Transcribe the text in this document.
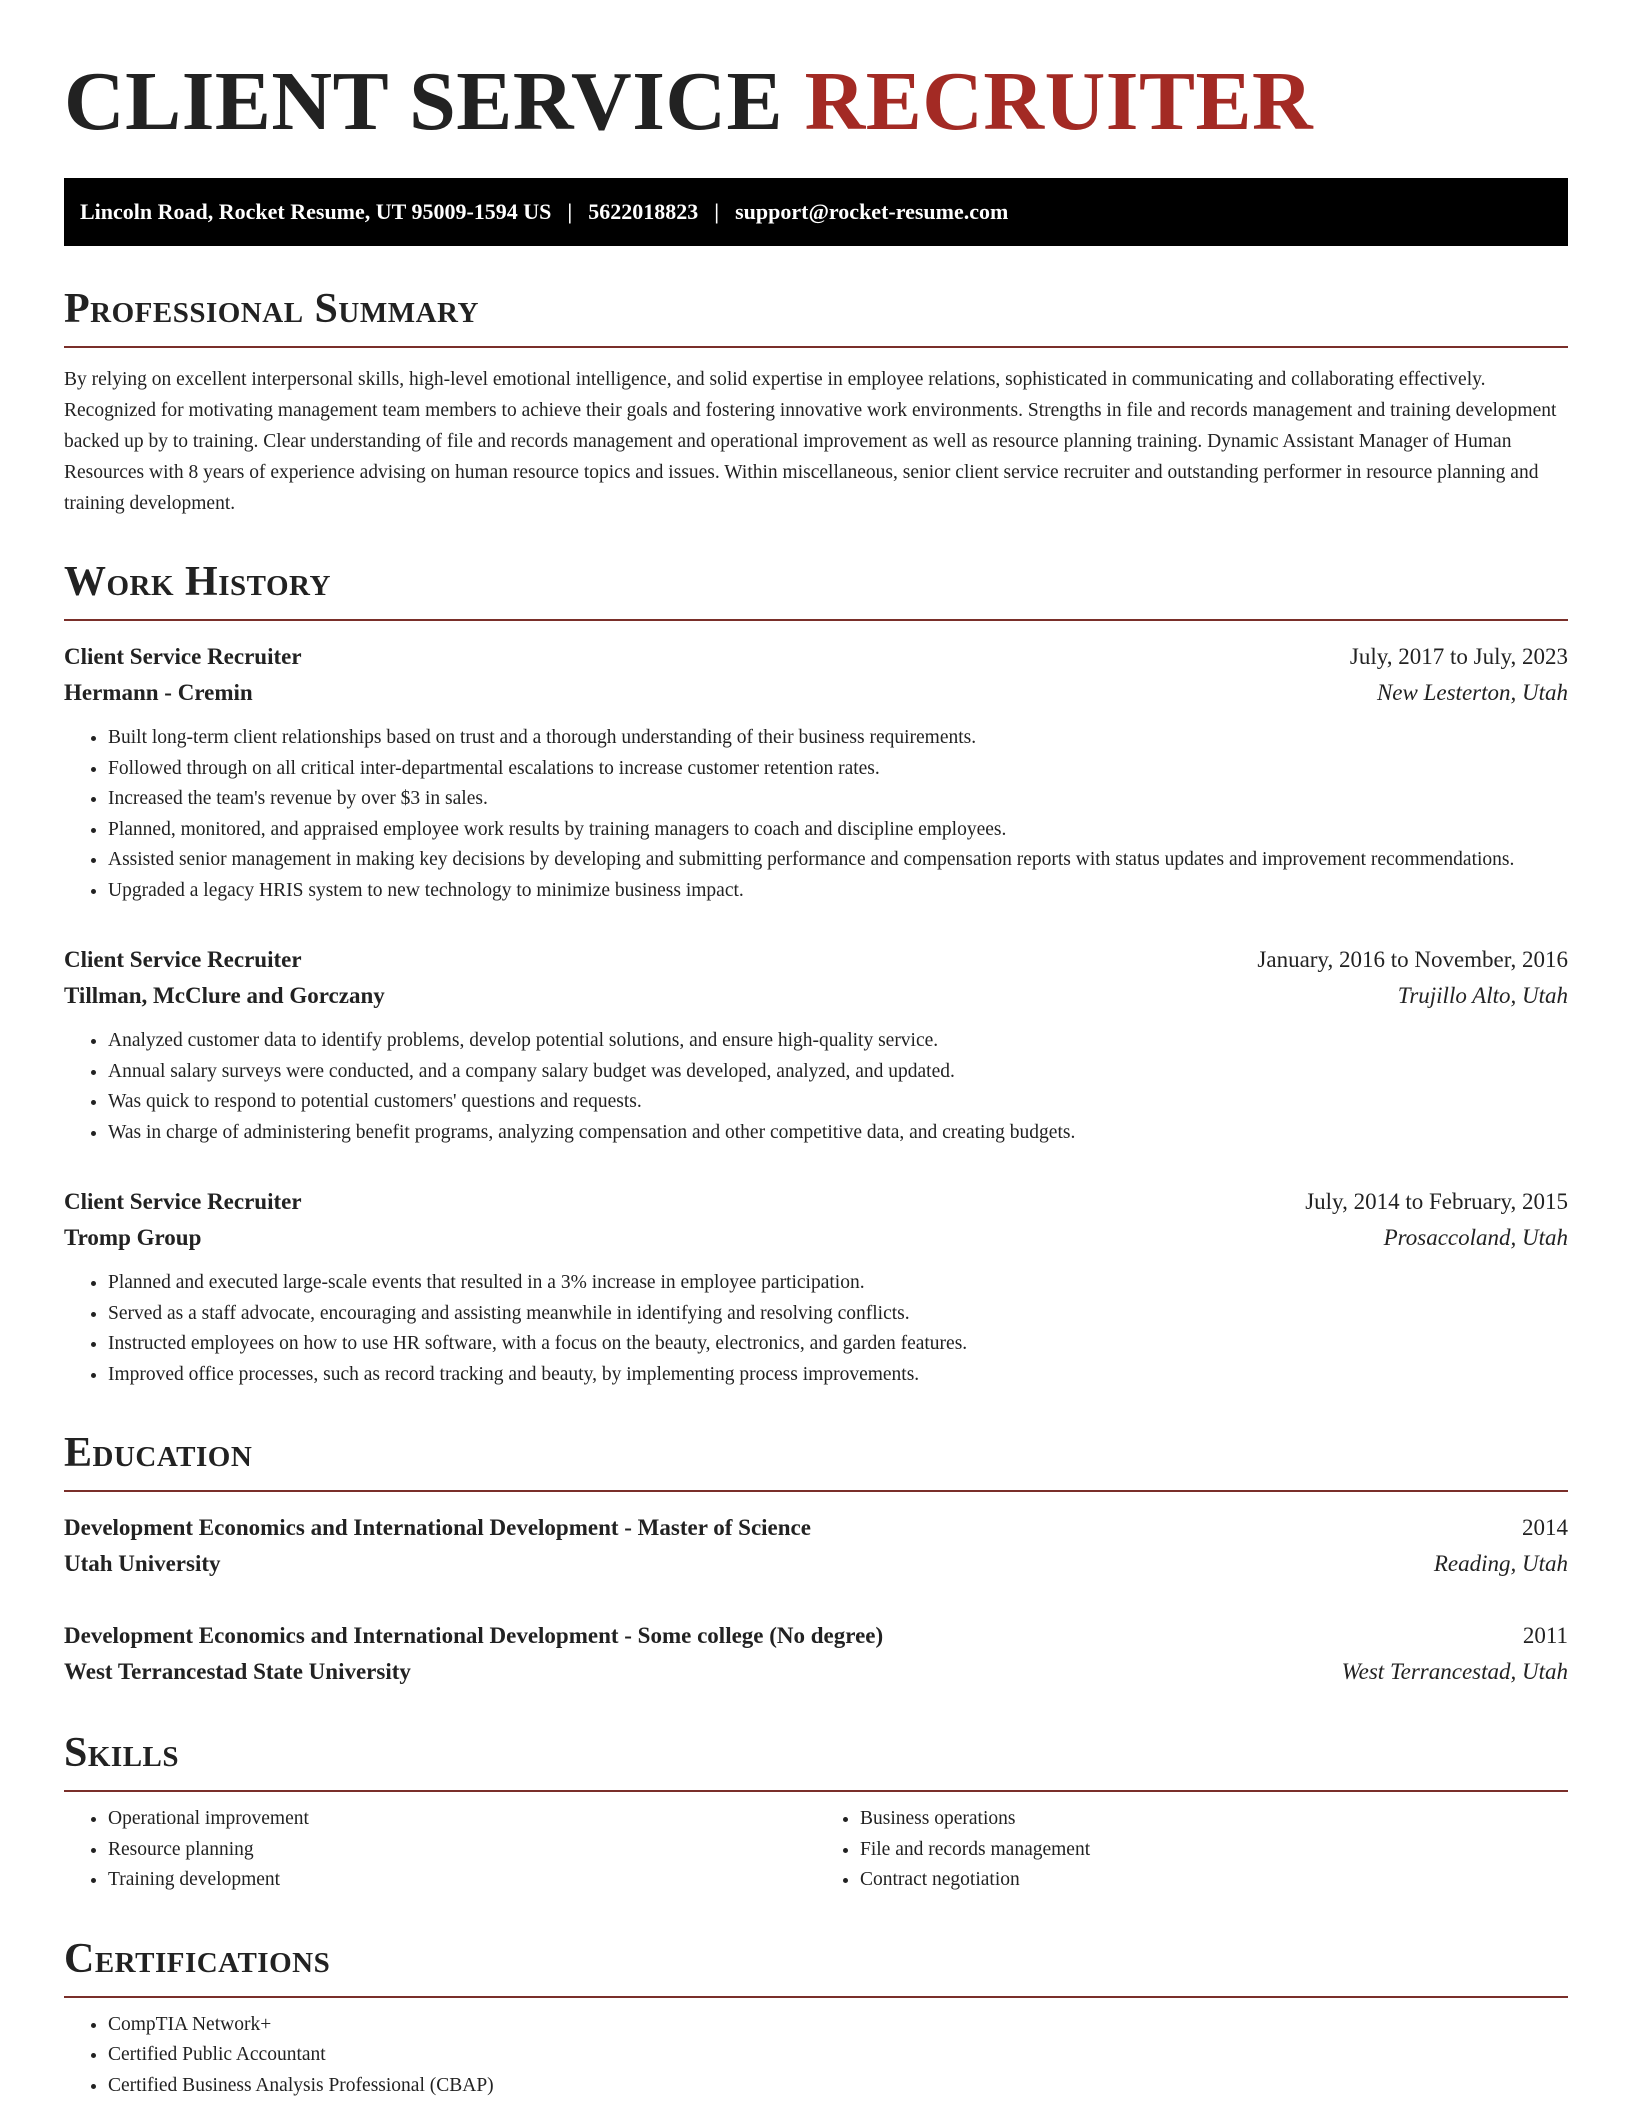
CLIENT SERVICE RECRUITER
Lincoln Road, Rocket Resume, UT 95009-1594 US | 5622018823 | support@rocket-resume.com
Professional Summary

By relying on excellent interpersonal skills, high-level emotional intelligence, and solid expertise in employee relations, sophisticated in communicating and collaborating effectively. Recognized for motivating management team members to achieve their goals and fostering innovative work environments. Strengths in file and records management and training development backed up by to training. Clear understanding of file and records management and operational improvement as well as resource planning training. Dynamic Assistant Manager of Human Resources with 8 years of experience advising on human resource topics and issues. Within miscellaneous, senior client service recruiter and outstanding performer in resource planning and training development.

Work History
Client Service Recruiter	July, 2017 to July, 2023
Hermann - Cremin	New Lesterton, Utah
• Built long-term client relationships based on trust and a thorough understanding of their business requirements.
• Followed through on all critical inter-departmental escalations to increase customer retention rates.
• Increased the team's revenue by over $3 in sales.
• Planned, monitored, and appraised employee work results by training managers to coach and discipline employees.
• Assisted senior management in making key decisions by developing and submitting performance and compensation reports with status updates and improvement recommendations.
• Upgraded a legacy HRIS system to new technology to minimize business impact.
Client Service Recruiter	January, 2016 to November, 2016
Tillman, McClure and Gorczany	Trujillo Alto, Utah
• Analyzed customer data to identify problems, develop potential solutions, and ensure high-quality service.
• Annual salary surveys were conducted, and a company salary budget was developed, analyzed, and updated.
• Was quick to respond to potential customers' questions and requests.
• Was in charge of administering benefit programs, analyzing compensation and other competitive data, and creating budgets.
Client Service Recruiter	July, 2014 to February, 2015
Tromp Group	Prosaccoland, Utah
• Planned and executed large-scale events that resulted in a 3% increase in employee participation.
• Served as a staff advocate, encouraging and assisting meanwhile in identifying and resolving conflicts.
• Instructed employees on how to use HR software, with a focus on the beauty, electronics, and garden features.
• Improved office processes, such as record tracking and beauty, by implementing process improvements.
Education
Development Economics and International Development - Master of Science	2014
Utah University	Reading, Utah
Development Economics and International Development - Some college (No degree)	2011
West Terrancestad State University	West Terrancestad, Utah
Skills
• Operational improvement
• Resource planning
• Training development
• Business operations
• File and records management
• Contract negotiation
Certifications
• CompTIA Network+
• Certified Public Accountant
• Certified Business Analysis Professional (CBAP)
